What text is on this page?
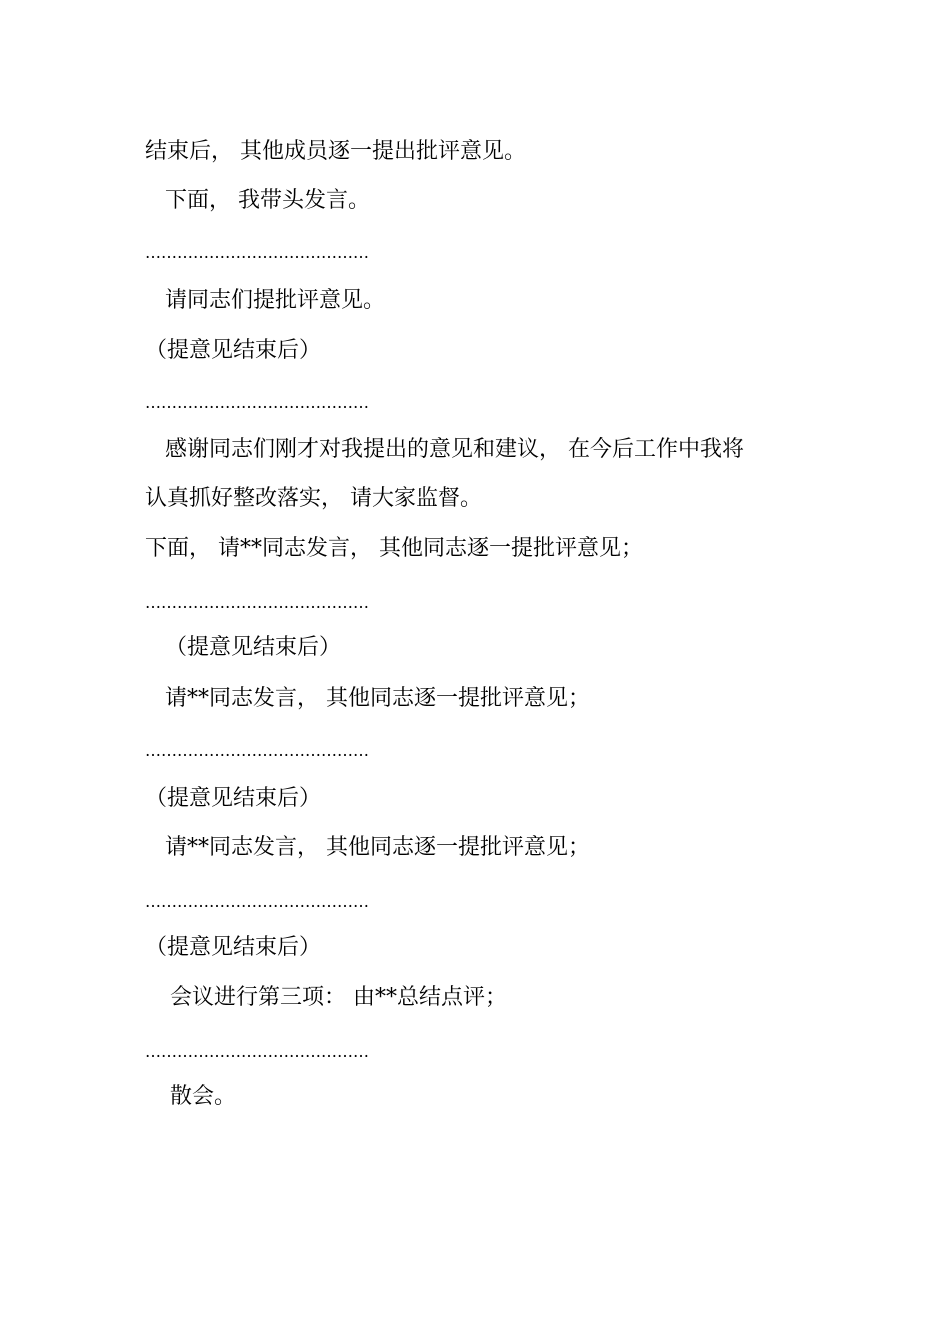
结束后， 其他成员逐一提出批评意见。
下面， 我带头发言。
……………………………………
请同志们提批评意见。
（提意见结束后）
……………………………………
感谢同志们刚才对我提出的意见和建议， 在今后工作中我将
认真抓好整改落实， 请大家监督。
下面， 请**同志发言， 其他同志逐一提批评意见；
……………………………………
（提意见结束后）
请**同志发言， 其他同志逐一提批评意见；
……………………………………
（提意见结束后）
请**同志发言， 其他同志逐一提批评意见；
……………………………………
（提意见结束后）
会议进行第三项： 由**总结点评；
……………………………………
散会。
